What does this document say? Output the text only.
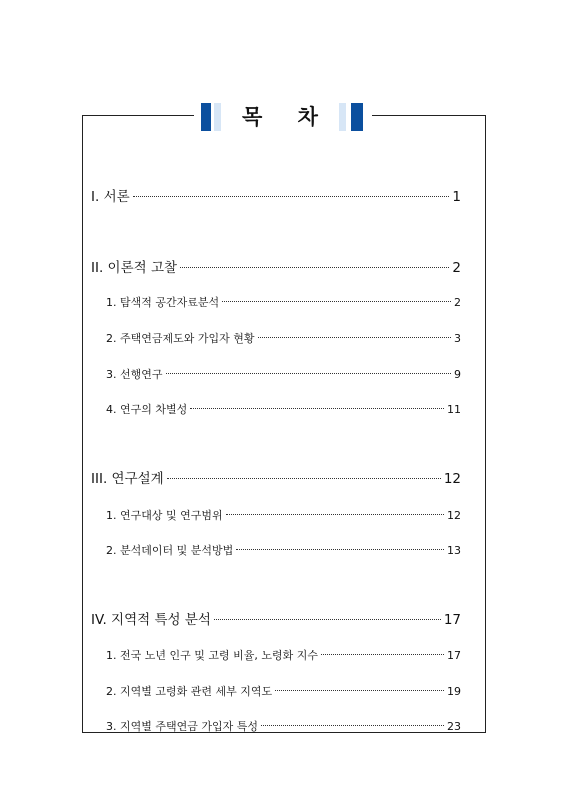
목 차
I. 서론	1
II. 이론적 고찰	2
1. 탐색적 공간자료분석	2
2. 주택연금제도와 가입자 현황	3
3. 선행연구	9
4. 연구의 차별성	11
III. 연구설계	12
1. 연구대상 및 연구범위	12
2. 분석데이터 및 분석방법	13
IV. 지역적 특성 분석	17
1. 전국 노년 인구 및 고령 비율, 노령화 지수	17
2. 지역별 고령화 관련 세부 지역도	19
3. 지역별 주택연금 가입자 특성	23
